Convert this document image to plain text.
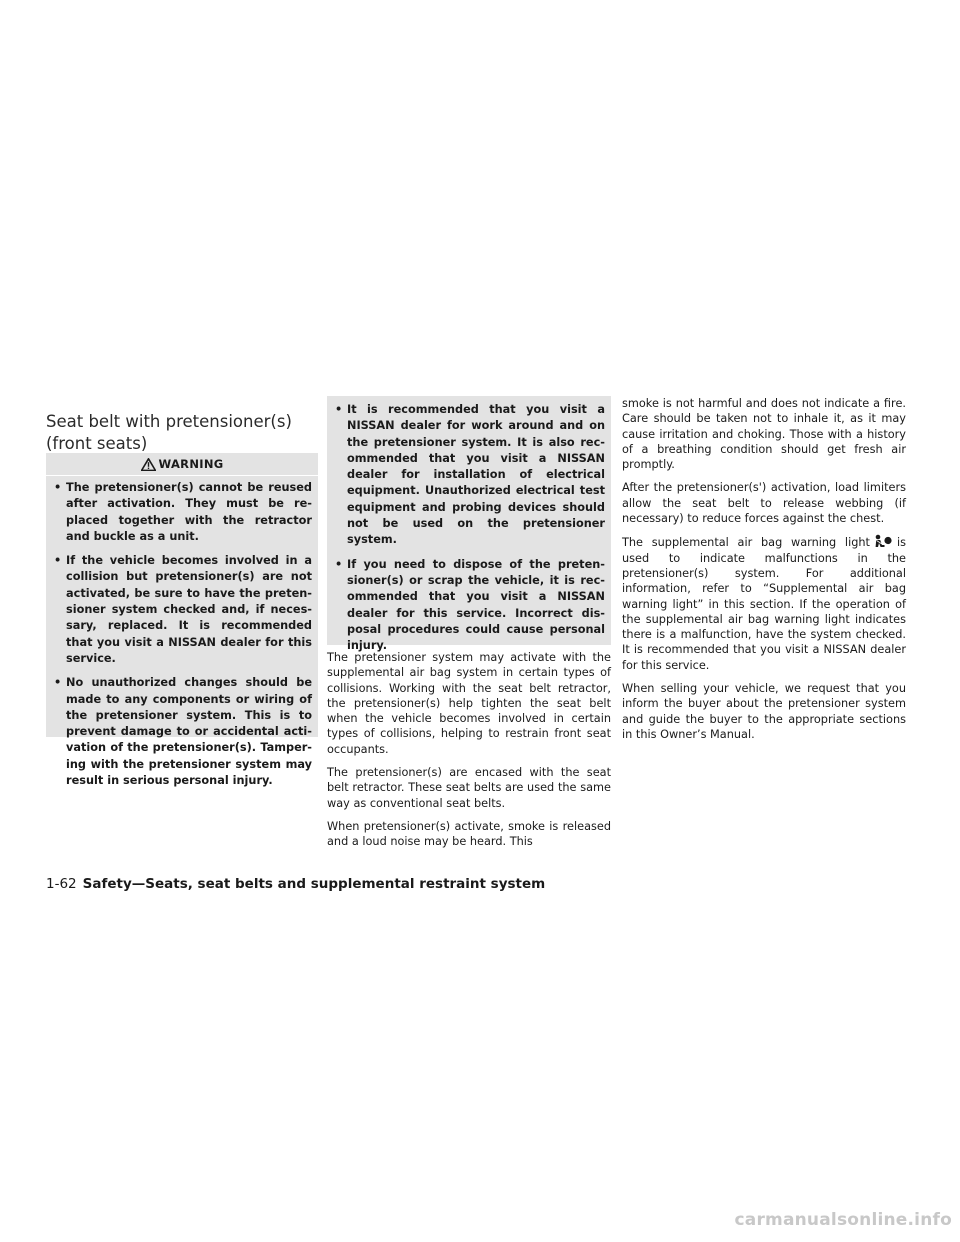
Seat belt with pretensioner(s)
(front seats)
WARNING
• The pretensioner(s) cannot be reused after activation. They must be replaced together with the retractor and buckle as a unit.
• If the vehicle becomes involved in a collision but pretensioner(s) are not activated, be sure to have the pretensioner system checked and, if necessary, replaced. It is recommended that you visit a NISSAN dealer for this service.
• No unauthorized changes should be made to any components or wiring of the pretensioner system. This is to prevent damage to or accidental activation of the pretensioner(s). Tampering with the pretensioner system may result in serious personal injury.
• It is recommended that you visit a NISSAN dealer for work around and on the pretensioner system. It is also recommended that you visit a NISSAN dealer for installation of electrical equipment. Unauthorized electrical test equipment and probing devices should not be used on the pretensioner system.
• If you need to dispose of the pretensioner(s) or scrap the vehicle, it is recommended that you visit a NISSAN dealer for this service. Incorrect disposal procedures could cause personal injury.

The pretensioner system may activate with the supplemental air bag system in certain types of collisions. Working with the seat belt retractor, the pretensioner(s) help tighten the seat belt when the vehicle becomes involved in certain types of collisions, helping to restrain front seat occupants.

The pretensioner(s) are encased with the seat belt retractor. These seat belts are used the same way as conventional seat belts.

When pretensioner(s) activate, smoke is released and a loud noise may be heard. This

smoke is not harmful and does not indicate a fire. Care should be taken not to inhale it, as it may cause irritation and choking. Those with a history of a breathing condition should get fresh air promptly.

After the pretensioner(s') activation, load limiters allow the seat belt to release webbing (if necessary) to reduce forces against the chest.

The supplemental air bag warning light is used to indicate malfunctions in the pretensioner(s) system. For additional information, refer to “Supplemental air bag warning light” in this section. If the operation of the supplemental air bag warning light indicates there is a malfunction, have the system checked. It is recommended that you visit a NISSAN dealer for this service.

When selling your vehicle, we request that you inform the buyer about the pretensioner system and guide the buyer to the appropriate sections in this Owner’s Manual.

1-62 Safety—Seats, seat belts and supplemental restraint system
carmanualsonline.info
